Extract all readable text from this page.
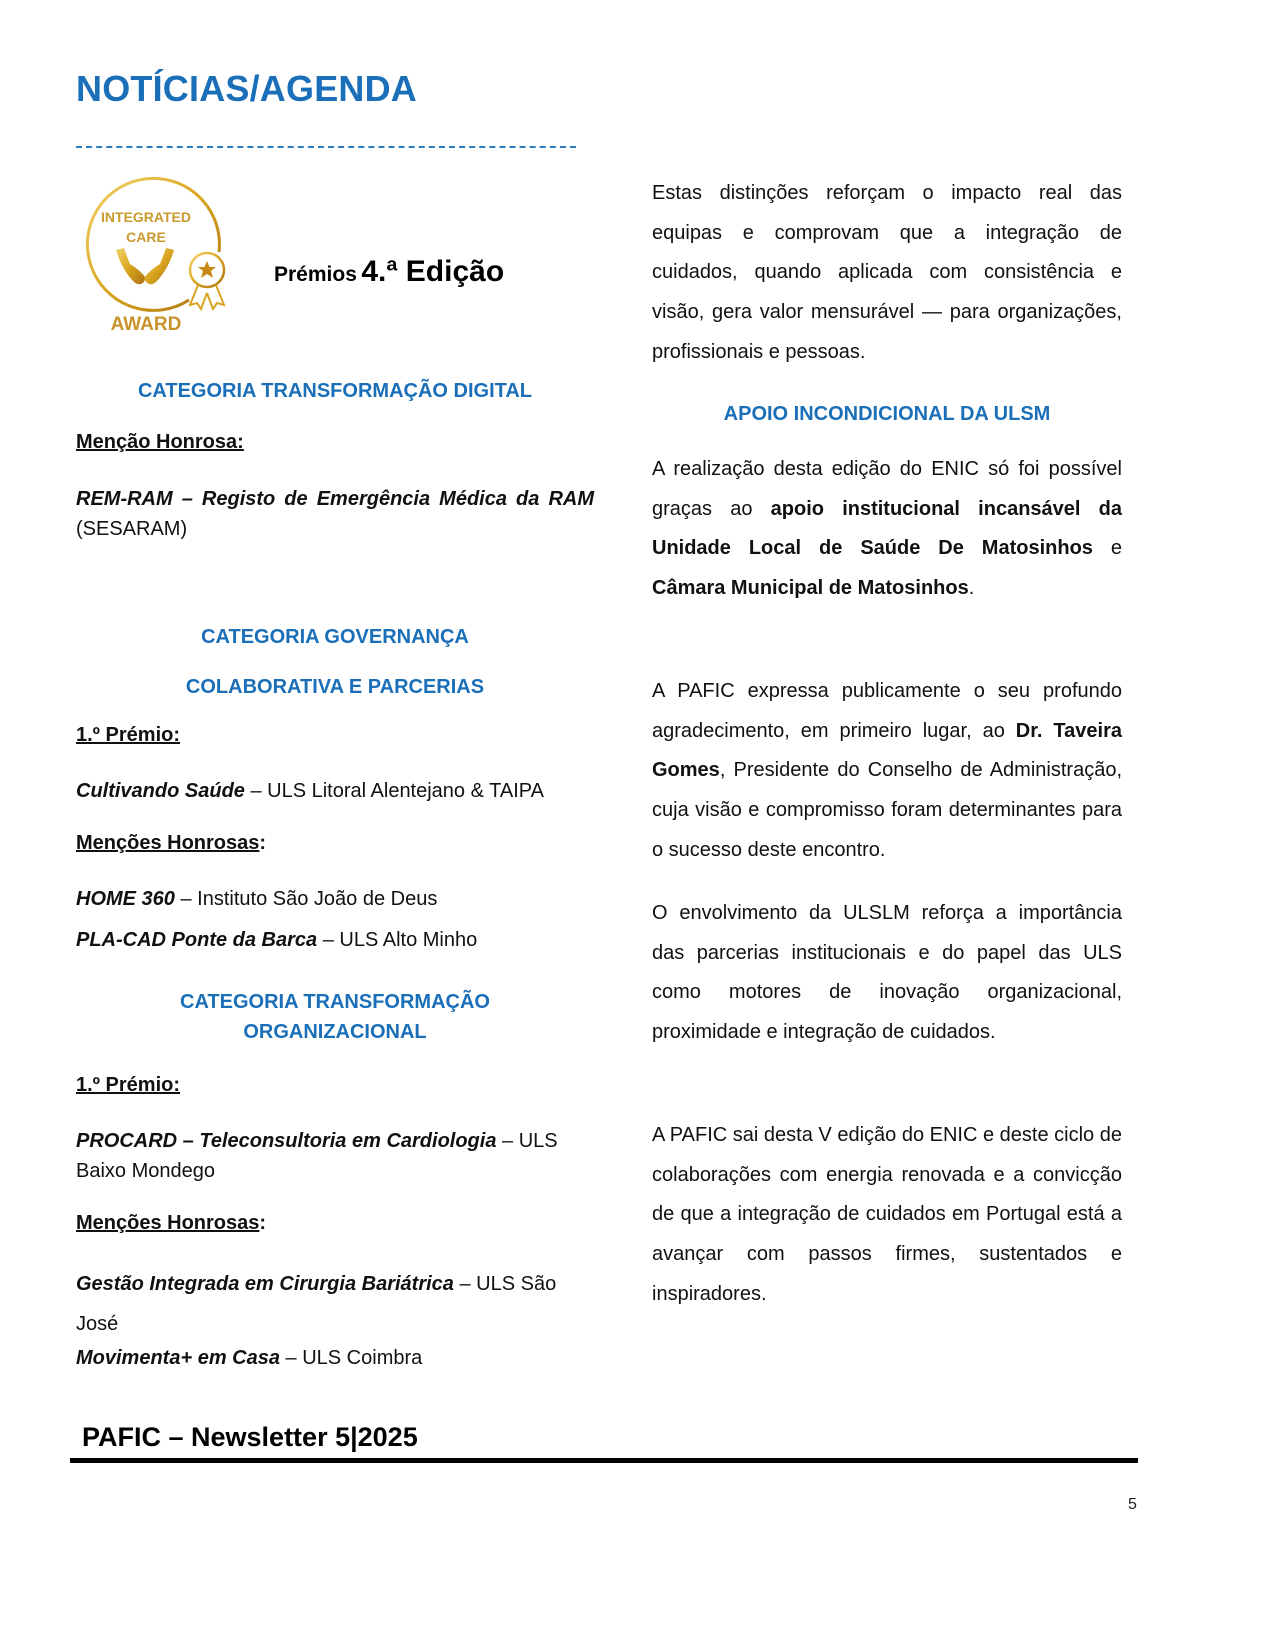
NOTÍCIAS/AGENDA
INTEGRATED
CARE
AWARD
Prémios 4.ª Edição
CATEGORIA TRANSFORMAÇÃO DIGITAL
Menção Honrosa:
REM-RAM – Registo de Emergência Médica da RAM (SESARAM)
CATEGORIA GOVERNANÇA
COLABORATIVA E PARCERIAS
1.º Prémio:
Cultivando Saúde – ULS Litoral Alentejano & TAIPA
Menções Honrosas:
HOME 360 – Instituto São João de Deus
PLA-CAD Ponte da Barca – ULS Alto Minho
CATEGORIA TRANSFORMAÇÃO
ORGANIZACIONAL
1.º Prémio:
PROCARD – Teleconsultoria em Cardiologia – ULS Baixo Mondego
Menções Honrosas:
Gestão Integrada em Cirurgia Bariátrica – ULS São José
Movimenta+ em Casa – ULS Coimbra
Estas distinções reforçam o impacto real das equipas e comprovam que a integração de cuidados, quando aplicada com consistência e visão, gera valor mensurável — para organizações, profissionais e pessoas.
APOIO INCONDICIONAL DA ULSM
A realização desta edição do ENIC só foi possível graças ao apoio institucional incansável da Unidade Local de Saúde De Matosinhos e Câmara Municipal de Matosinhos.
A PAFIC expressa publicamente o seu profundo agradecimento, em primeiro lugar, ao Dr. Taveira Gomes, Presidente do Conselho de Administração, cuja visão e compromisso foram determinantes para o sucesso deste encontro.
O envolvimento da ULSLM reforça a importância das parcerias institucionais e do papel das ULS como motores de inovação organizacional, proximidade e integração de cuidados.
A PAFIC sai desta V edição do ENIC e deste ciclo de colaborações com energia renovada e a convicção de que a integração de cuidados em Portugal está a avançar com passos firmes, sustentados e inspiradores.
PAFIC – Newsletter 5|2025
5
